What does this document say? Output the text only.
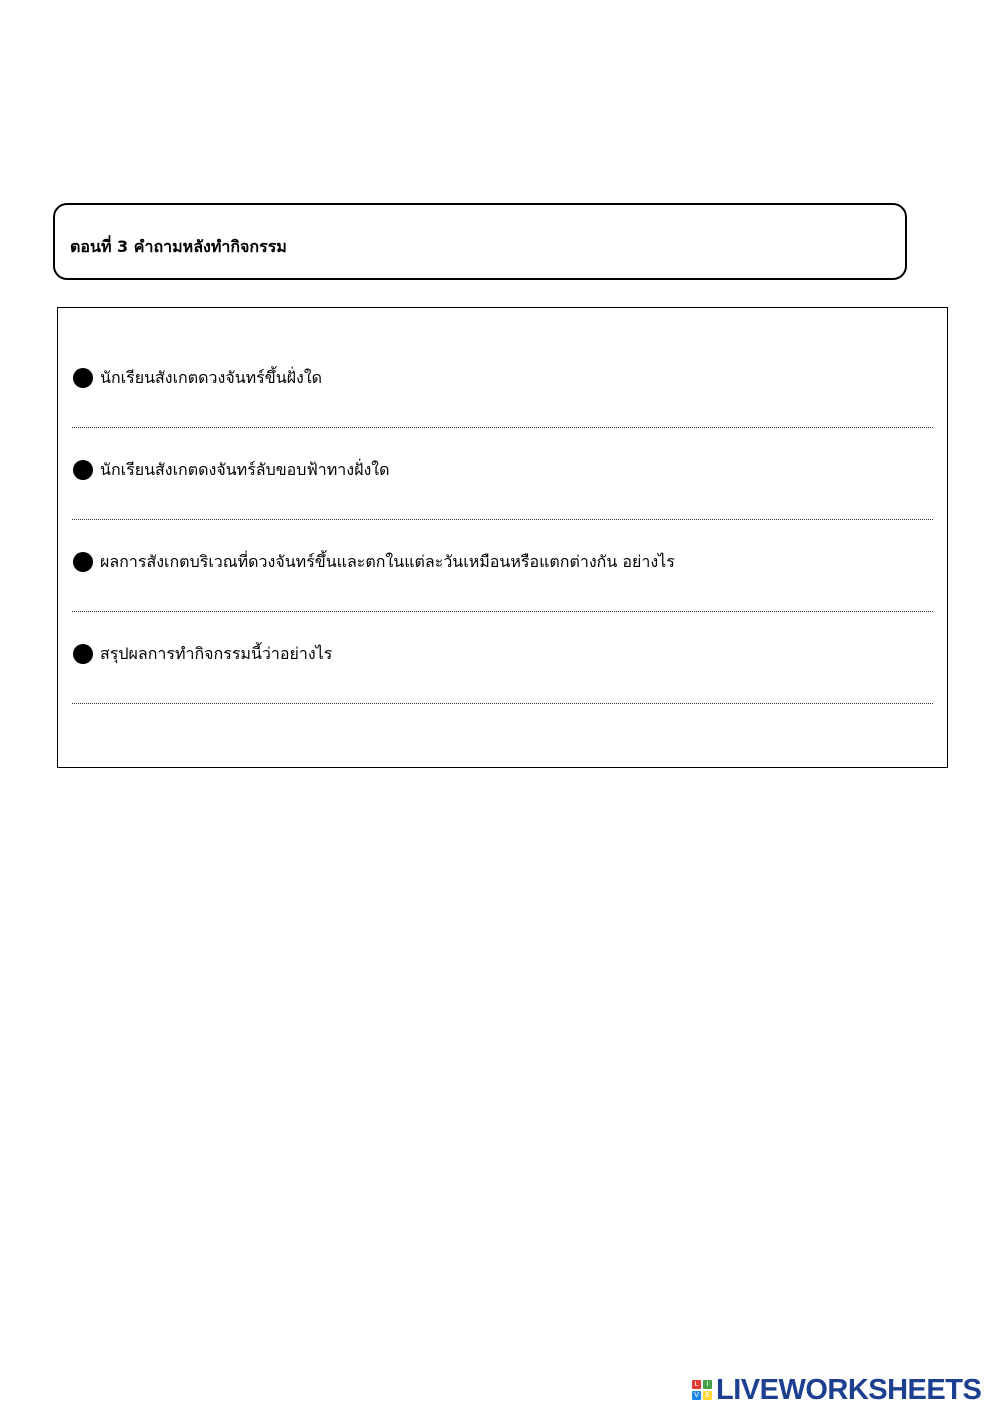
ตอนที่ 3 คำถามหลังทำกิจกรรม
นักเรียนสังเกตดวงจันทร์ขึ้นฝั่งใด
นักเรียนสังเกตดงจันทร์ลับขอบฟ้าทางฝั่งใด
ผลการสังเกตบริเวณที่ดวงจันทร์ขึ้นและตกในแต่ละวันเหมือนหรือแตกต่างกัน อย่างไร
สรุปผลการทำกิจกรรมนี้ว่าอย่างไร
L	I
V E LIVEWORKSHEETS
